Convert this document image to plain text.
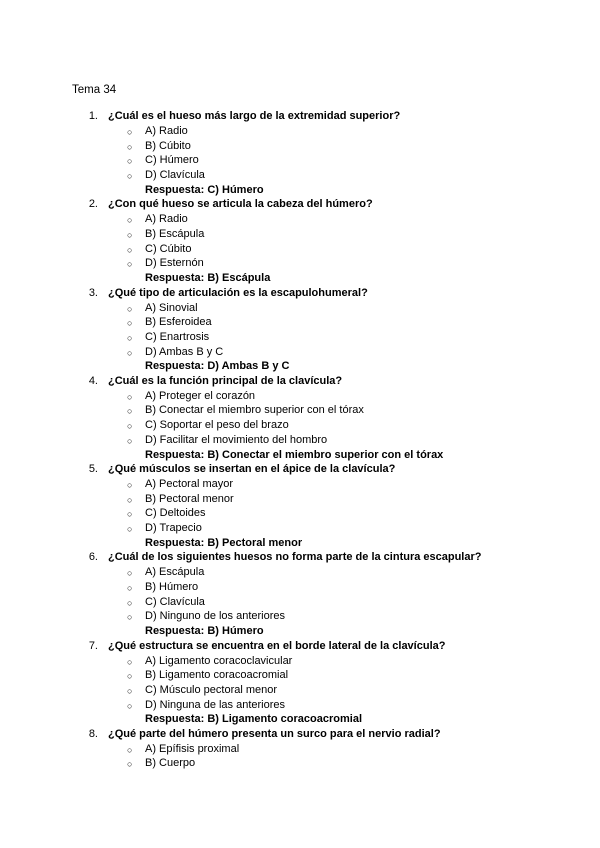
Tema 34
1. ¿Cuál es el hueso más largo de la extremidad superior?
○ A) Radio
○ B) Cúbito
○ C) Húmero
○ D) Clavícula
Respuesta: C) Húmero
2. ¿Con qué hueso se articula la cabeza del húmero?
○ A) Radio
○ B) Escápula
○ C) Cúbito
○ D) Esternón
Respuesta: B) Escápula
3. ¿Qué tipo de articulación es la escapulohumeral?
○ A) Sinovial
○ B) Esferoidea
○ C) Enartrosis
○ D) Ambas B y C
Respuesta: D) Ambas B y C
4. ¿Cuál es la función principal de la clavícula?
○ A) Proteger el corazón
○ B) Conectar el miembro superior con el tórax
○ C) Soportar el peso del brazo
○ D) Facilitar el movimiento del hombro
Respuesta: B) Conectar el miembro superior con el tórax
5. ¿Qué músculos se insertan en el ápice de la clavícula?
○ A) Pectoral mayor
○ B) Pectoral menor
○ C) Deltoides
○ D) Trapecio
Respuesta: B) Pectoral menor
6. ¿Cuál de los siguientes huesos no forma parte de la cintura escapular?
○ A) Escápula
○ B) Húmero
○ C) Clavícula
○ D) Ninguno de los anteriores
Respuesta: B) Húmero
7. ¿Qué estructura se encuentra en el borde lateral de la clavícula?
○ A) Ligamento coracoclavicular
○ B) Ligamento coracoacromial
○ C) Músculo pectoral menor
○ D) Ninguna de las anteriores
Respuesta: B) Ligamento coracoacromial
8. ¿Qué parte del húmero presenta un surco para el nervio radial?
○ A) Epífisis proximal
○ B) Cuerpo
